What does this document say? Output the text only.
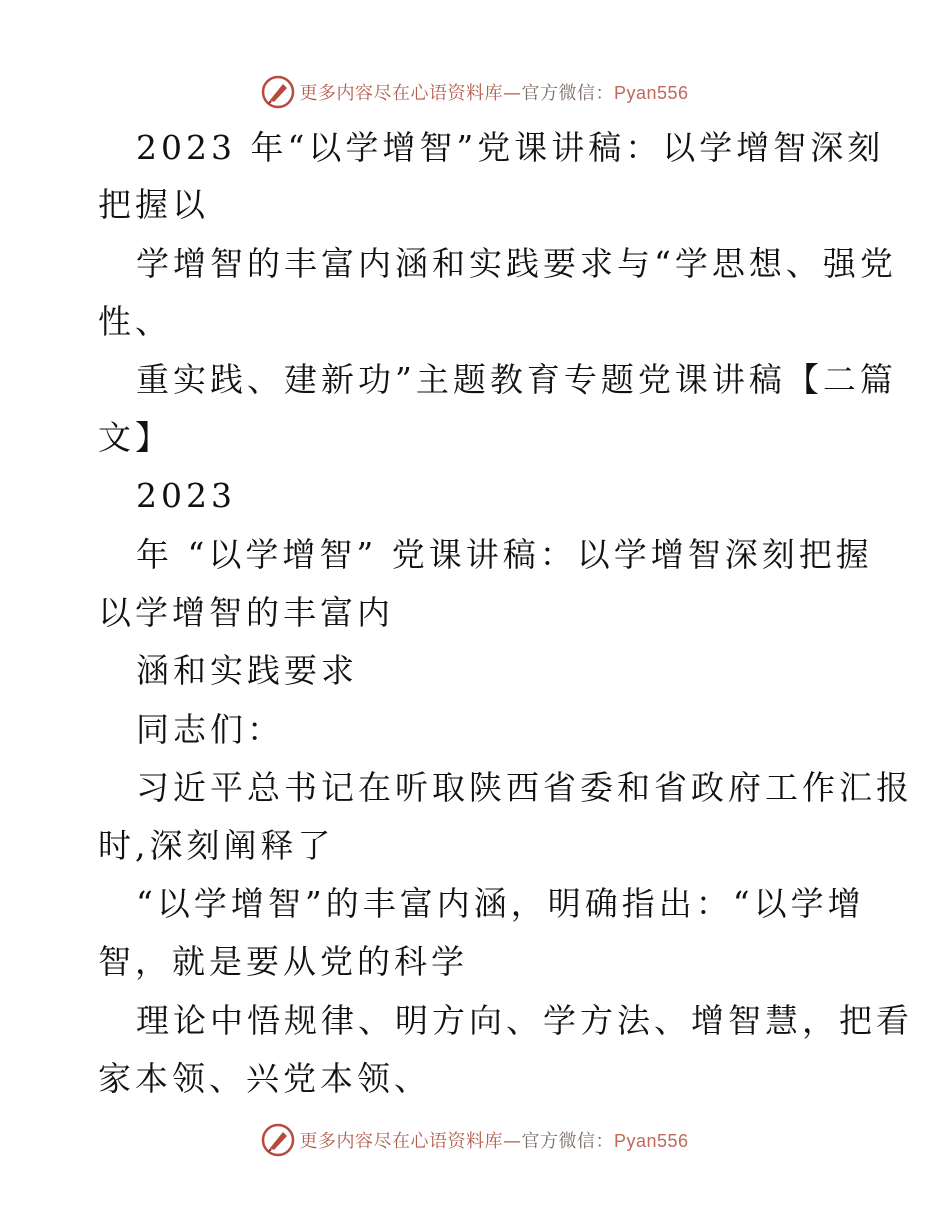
更多内容尽在心语资料库—官方微信：Pyan556
2023 年“以学增智”党课讲稿：以学增智深刻
把握以
学增智的丰富内涵和实践要求与“学思想、强党
性、
重实践、建新功”主题教育专题党课讲稿【二篇
文】
2023
年 “以学增智” 党课讲稿：以学增智深刻把握
以学增智的丰富内
涵和实践要求
同志们：
习近平总书记在听取陕西省委和省政府工作汇报
时,深刻阐释了
“以学增智”的丰富内涵，明确指出：“以学增
智，就是要从党的科学
理论中悟规律、明方向、学方法、增智慧，把看
家本领、兴党本领、
更多内容尽在心语资料库—官方微信：Pyan556
